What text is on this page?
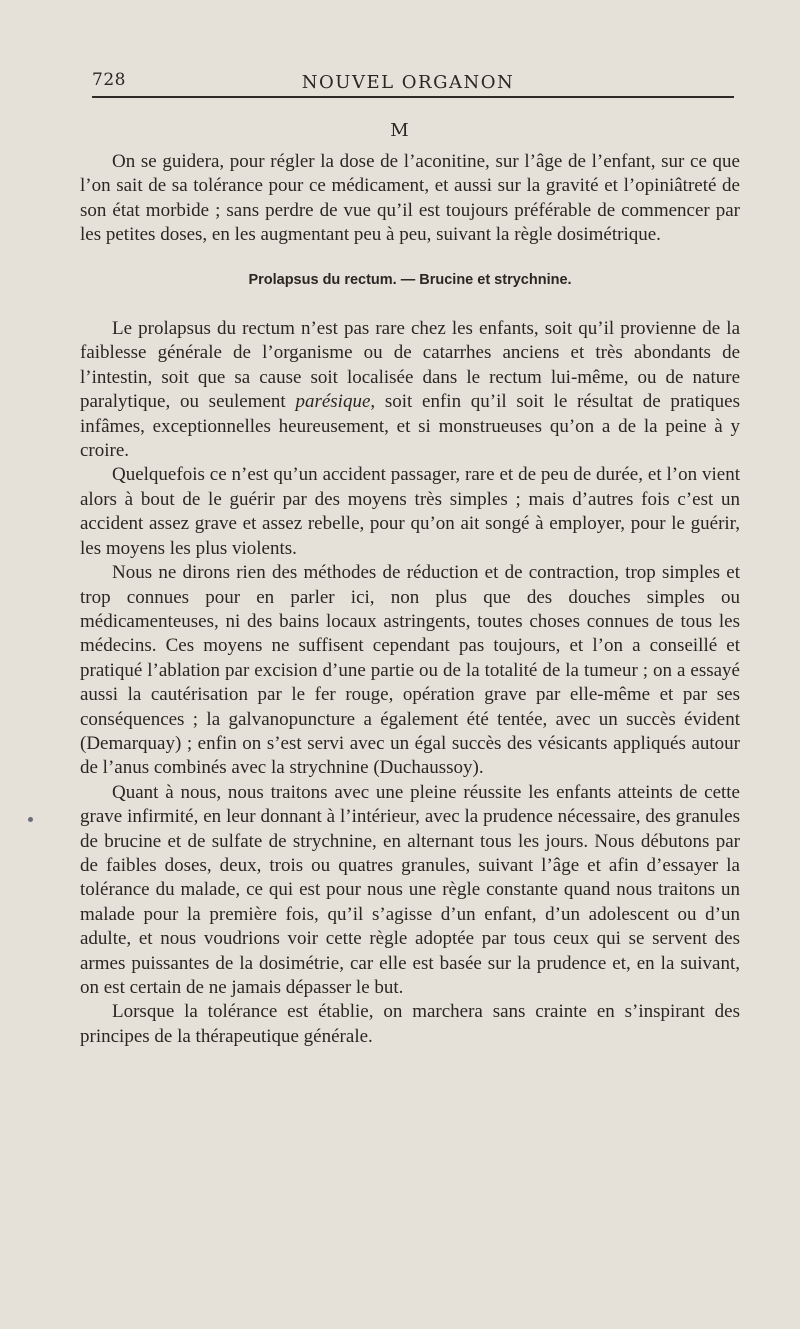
728	NOUVEL ORGANON
M

On se guidera, pour régler la dose de l’aconitine, sur l’âge de l’enfant, sur ce que l’on sait de sa tolérance pour ce médicament, et aussi sur la gravité et l’opiniâtreté de son état morbide ; sans perdre de vue qu’il est toujours préférable de commencer par les petites doses, en les augmentant peu à peu, suivant la règle dosimétrique.

Prolapsus du rectum. — Brucine et strychnine.

Le prolapsus du rectum n’est pas rare chez les enfants, soit qu’il provienne de la faiblesse générale de l’organisme ou de catarrhes anciens et très abondants de l’intestin, soit que sa cause soit localisée dans le rectum lui-même, ou de nature paralytique, ou seulement parésique, soit enfin qu’il soit le résultat de pratiques infâmes, exceptionnelles heureusement, et si monstrueuses qu’on a de la peine à y croire.

Quelquefois ce n’est qu’un accident passager, rare et de peu de durée, et l’on vient alors à bout de le guérir par des moyens très simples ; mais d’autres fois c’est un accident assez grave et assez rebelle, pour qu’on ait songé à employer, pour le guérir, les moyens les plus violents.

Nous ne dirons rien des méthodes de réduction et de contraction, trop simples et trop connues pour en parler ici, non plus que des douches simples ou médicamenteuses, ni des bains locaux astringents, toutes choses connues de tous les médecins. Ces moyens ne suffisent cependant pas toujours, et l’on a conseillé et pratiqué l’ablation par excision d’une partie ou de la totalité de la tumeur ; on a essayé aussi la cautérisation par le fer rouge, opération grave par elle-même et par ses conséquences ; la galvanopuncture a également été tentée, avec un succès évident (Demarquay) ; enfin on s’est servi avec un égal succès des vésicants appliqués autour de l’anus combinés avec la strychnine (Duchaussoy).

Quant à nous, nous traitons avec une pleine réussite les enfants atteints de cette grave infirmité, en leur donnant à l’intérieur, avec la prudence nécessaire, des granules de brucine et de sulfate de strychnine, en alternant tous les jours. Nous débutons par de faibles doses, deux, trois ou quatres granules, suivant l’âge et afin d’essayer la tolérance du malade, ce qui est pour nous une règle constante quand nous traitons un malade pour la première fois, qu’il s’agisse d’un enfant, d’un adolescent ou d’un adulte, et nous voudrions voir cette règle adoptée par tous ceux qui se servent des armes puissantes de la dosimétrie, car elle est basée sur la prudence et, en la suivant, on est certain de ne jamais dépasser le but.

Lorsque la tolérance est établie, on marchera sans crainte en s’inspirant des principes de la thérapeutique générale.
